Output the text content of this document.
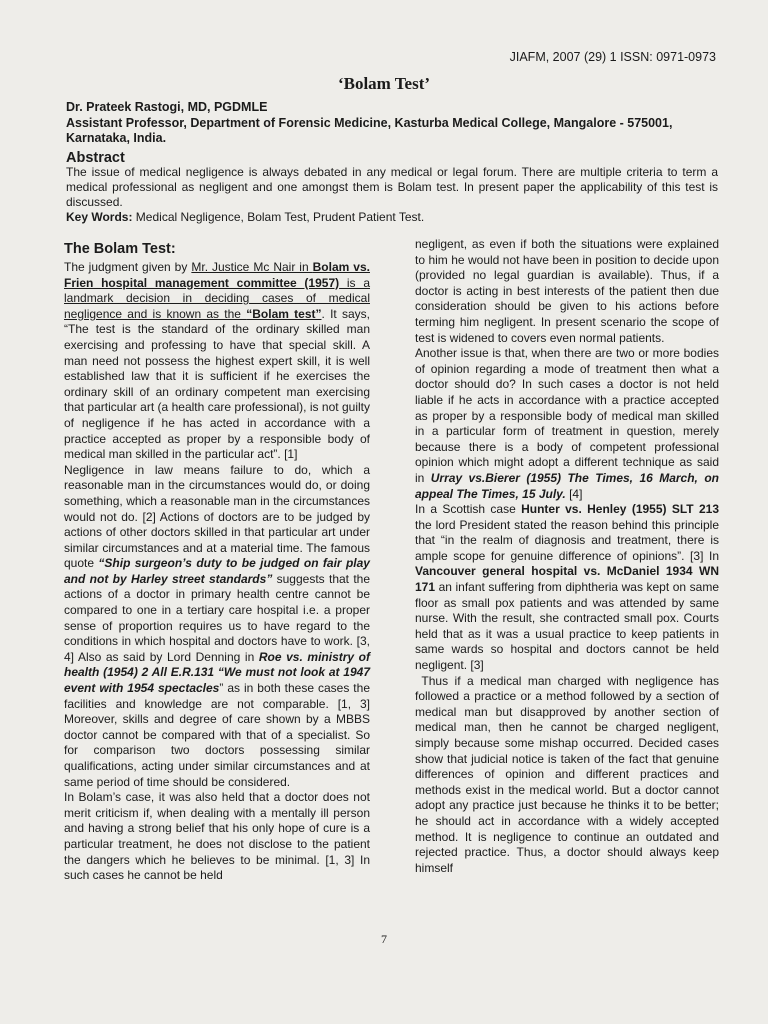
JIAFM, 2007 (29) 1 ISSN: 0971-0973
‘Bolam Test’
Dr. Prateek Rastogi, MD, PGDMLE
Assistant Professor, Department of Forensic Medicine, Kasturba Medical College, Mangalore - 575001, Karnataka, India.
Abstract
The issue of medical negligence is always debated in any medical or legal forum. There are multiple criteria to term a medical professional as negligent and one amongst them is Bolam test. In present paper the applicability of this test is discussed.
Key Words: Medical Negligence, Bolam Test, Prudent Patient Test.
The Bolam Test:

The judgment given by Mr. Justice Mc Nair in Bolam vs. Frien hospital management committee (1957) is a landmark decision in deciding cases of medical negligence and is known as the “Bolam test”. It says, “The test is the standard of the ordinary skilled man exercising and professing to have that special skill. A man need not possess the highest expert skill, it is well established law that it is sufficient if he exercises the ordinary skill of an ordinary competent man exercising that particular art (a health care professional), is not guilty of negligence if he has acted in accordance with a practice accepted as proper by a responsible body of medical man skilled in the particular act”. [1]

Negligence in law means failure to do, which a reasonable man in the circumstances would do, or doing something, which a reasonable man in the circumstances would not do. [2] Actions of doctors are to be judged by actions of other doctors skilled in that particular art under similar circumstances and at a material time. The famous quote “Ship surgeon’s duty to be judged on fair play and not by Harley street standards” suggests that the actions of a doctor in primary health centre cannot be compared to one in a tertiary care hospital i.e. a proper sense of proportion requires us to have regard to the conditions in which hospital and doctors have to work. [3, 4] Also as said by Lord Denning in Roe vs. ministry of health (1954) 2 All E.R.131 “We must not look at 1947 event with 1954 spectacles” as in both these cases the facilities and knowledge are not comparable. [1, 3] Moreover, skills and degree of care shown by a MBBS doctor cannot be compared with that of a specialist. So for comparison two doctors possessing similar qualifications, acting under similar circumstances and at same period of time should be considered.

In Bolam’s case, it was also held that a doctor does not merit criticism if, when dealing with a mentally ill person and having a strong belief that his only hope of cure is a particular treatment, he does not disclose to the patient the dangers which he believes to be minimal. [1, 3] In such cases he cannot be held

negligent, as even if both the situations were explained to him he would not have been in position to decide upon (provided no legal guardian is available). Thus, if a doctor is acting in best interests of the patient then due consideration should be given to his actions before terming him negligent. In present scenario the scope of test is widened to covers even normal patients.

Another issue is that, when there are two or more bodies of opinion regarding a mode of treatment then what a doctor should do? In such cases a doctor is not held liable if he acts in accordance with a practice accepted as proper by a responsible body of medical man skilled in a particular form of treatment in question, merely because there is a body of competent professional opinion which might adopt a different technique as said in Urray vs.Bierer (1955) The Times, 16 March, on appeal The Times, 15 July. [4]

In a Scottish case Hunter vs. Henley (1955) SLT 213 the lord President stated the reason behind this principle that “in the realm of diagnosis and treatment, there is ample scope for genuine difference of opinions”. [3] In Vancouver general hospital vs. McDaniel 1934 WN 171 an infant suffering from diphtheria was kept on same floor as small pox patients and was attended by same nurse. With the result, she contracted small pox. Courts held that as it was a usual practice to keep patients in same wards so hospital and doctors cannot be held negligent. [3]

Thus if a medical man charged with negligence has followed a practice or a method followed by a section of medical man but disapproved by another section of medical man, then he cannot be charged negligent, simply because some mishap occurred. Decided cases show that judicial notice is taken of the fact that genuine differences of opinion and different practices and methods exist in the medical world. But a doctor cannot adopt any practice just because he thinks it to be better; he should act in accordance with a widely accepted method. It is negligence to continue an outdated and rejected practice. Thus, a doctor should always keep himself

7
